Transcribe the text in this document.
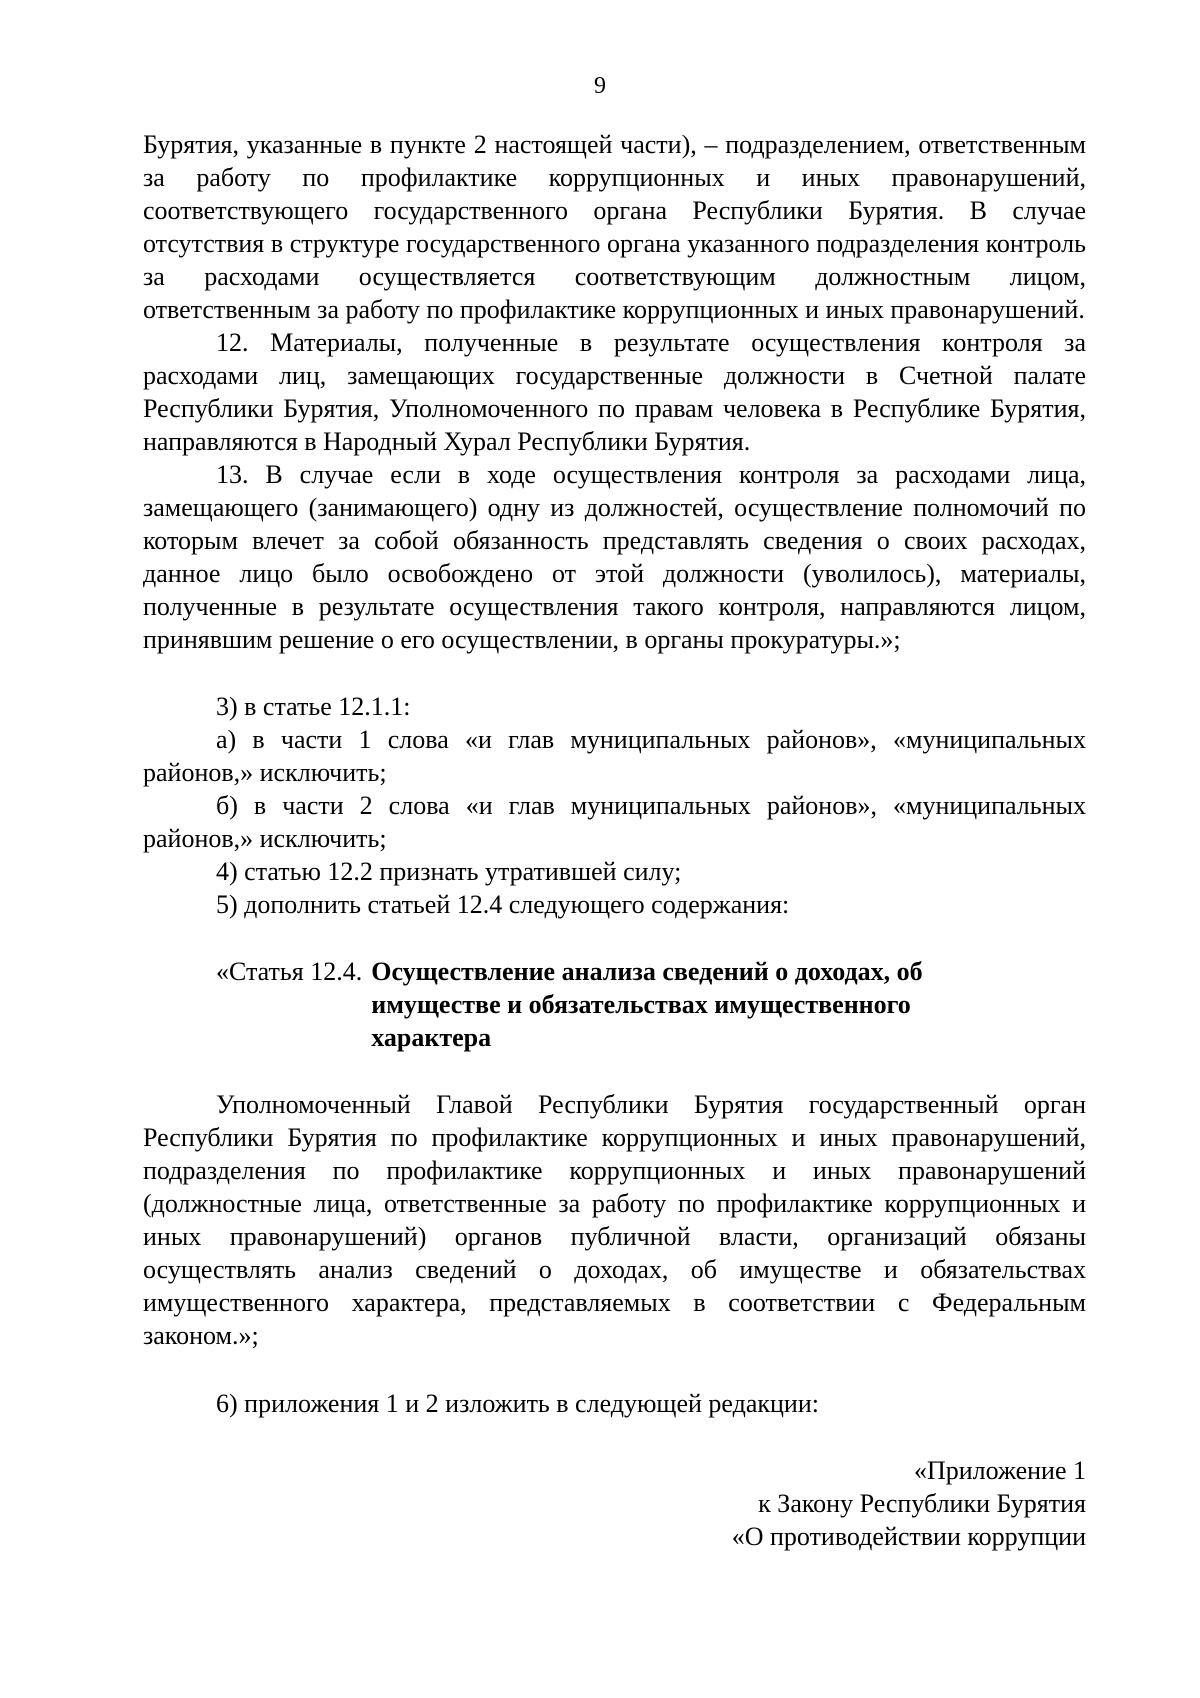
9

Бурятия, указанные в пункте 2 настоящей части), – подразделением, ответственным за работу по профилактике коррупционных и иных правонарушений, соответствующего государственного органа Республики Бурятия. В случае отсутствия в структуре государственного органа указанного подразделения контроль за расходами осуществляется соответствующим должностным лицом, ответственным за работу по профилактике коррупционных и иных правонарушений.

12. Материалы, полученные в результате осуществления контроля за расходами лиц, замещающих государственные должности в Счетной палате Республики Бурятия, Уполномоченного по правам человека в Республике Бурятия, направляются в Народный Хурал Республики Бурятия.

13. В случае если в ходе осуществления контроля за расходами лица, замещающего (занимающего) одну из должностей, осуществление полномочий по которым влечет за собой обязанность представлять сведения о своих расходах, данное лицо было освобождено от этой должности (уволилось), материалы, полученные в результате осуществления такого контроля, направляются лицом, принявшим решение о его осуществлении, в органы прокуратуры.»;

3) в статье 12.1.1:

а) в части 1 слова «и глав муниципальных районов», «муниципальных районов,» исключить;

б) в части 2 слова «и глав муниципальных районов», «муниципальных районов,» исключить;

4) статью 12.2 признать утратившей силу;

5) дополнить статьей 12.4 следующего содержания:

«Статья 12.4. Осуществление анализа сведений о доходах, об имуществе и обязательствах имущественного характера

Уполномоченный Главой Республики Бурятия государственный орган Республики Бурятия по профилактике коррупционных и иных правонарушений, подразделения по профилактике коррупционных и иных правонарушений (должностные лица, ответственные за работу по профилактике коррупционных и иных правонарушений) органов публичной власти, организаций обязаны осуществлять анализ сведений о доходах, об имуществе и обязательствах имущественного характера, представляемых в соответствии с Федеральным законом.»;

6) приложения 1 и 2 изложить в следующей редакции:

«Приложение 1
к Закону Республики Бурятия
«О противодействии коррупции
